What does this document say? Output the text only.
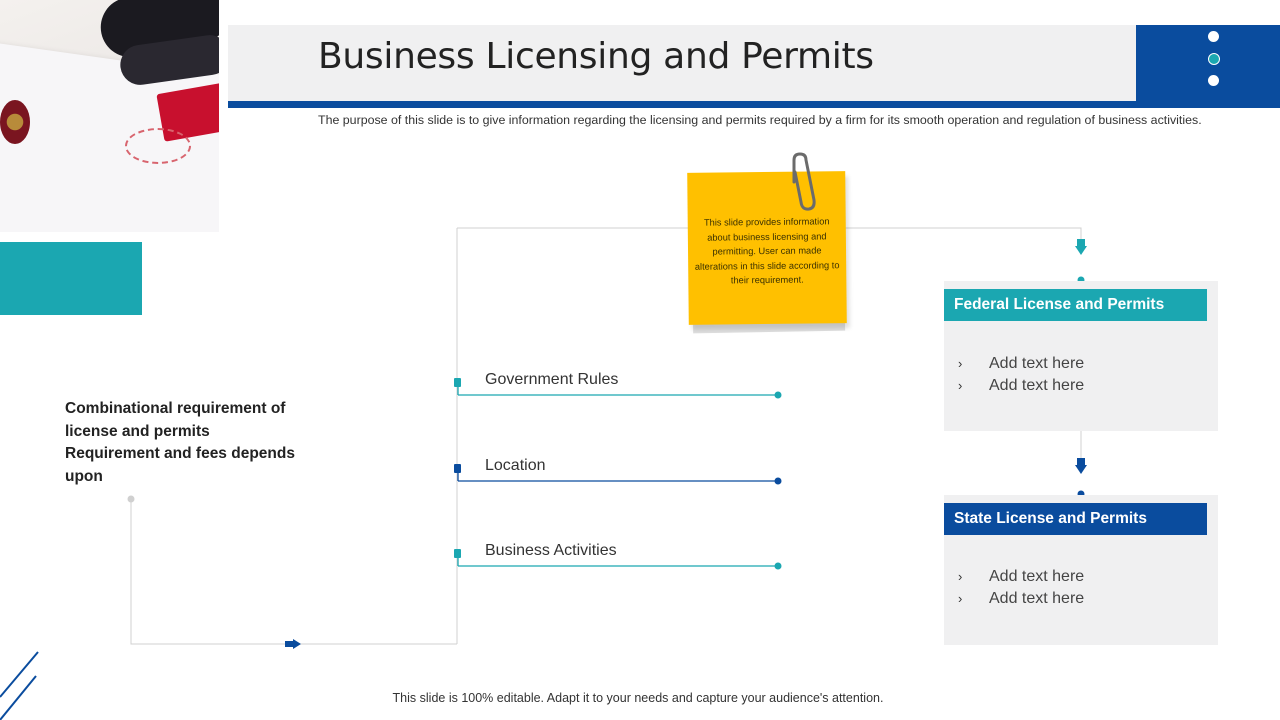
Business Licensing and Permits
The purpose of this slide is to give information regarding the licensing and permits required by a firm for its smooth operation and regulation of business activities.
This slide provides information about business licensing and permitting. User can made alterations in this slide according to their requirement.
Combinational requirement of license and permits Requirement and fees depends upon
Government Rules
Location
Business Activities
Federal License and Permits
› Add text here
› Add text here
State License and Permits
› Add text here
› Add text here
This slide is 100% editable. Adapt it to your needs and capture your audience's attention.
